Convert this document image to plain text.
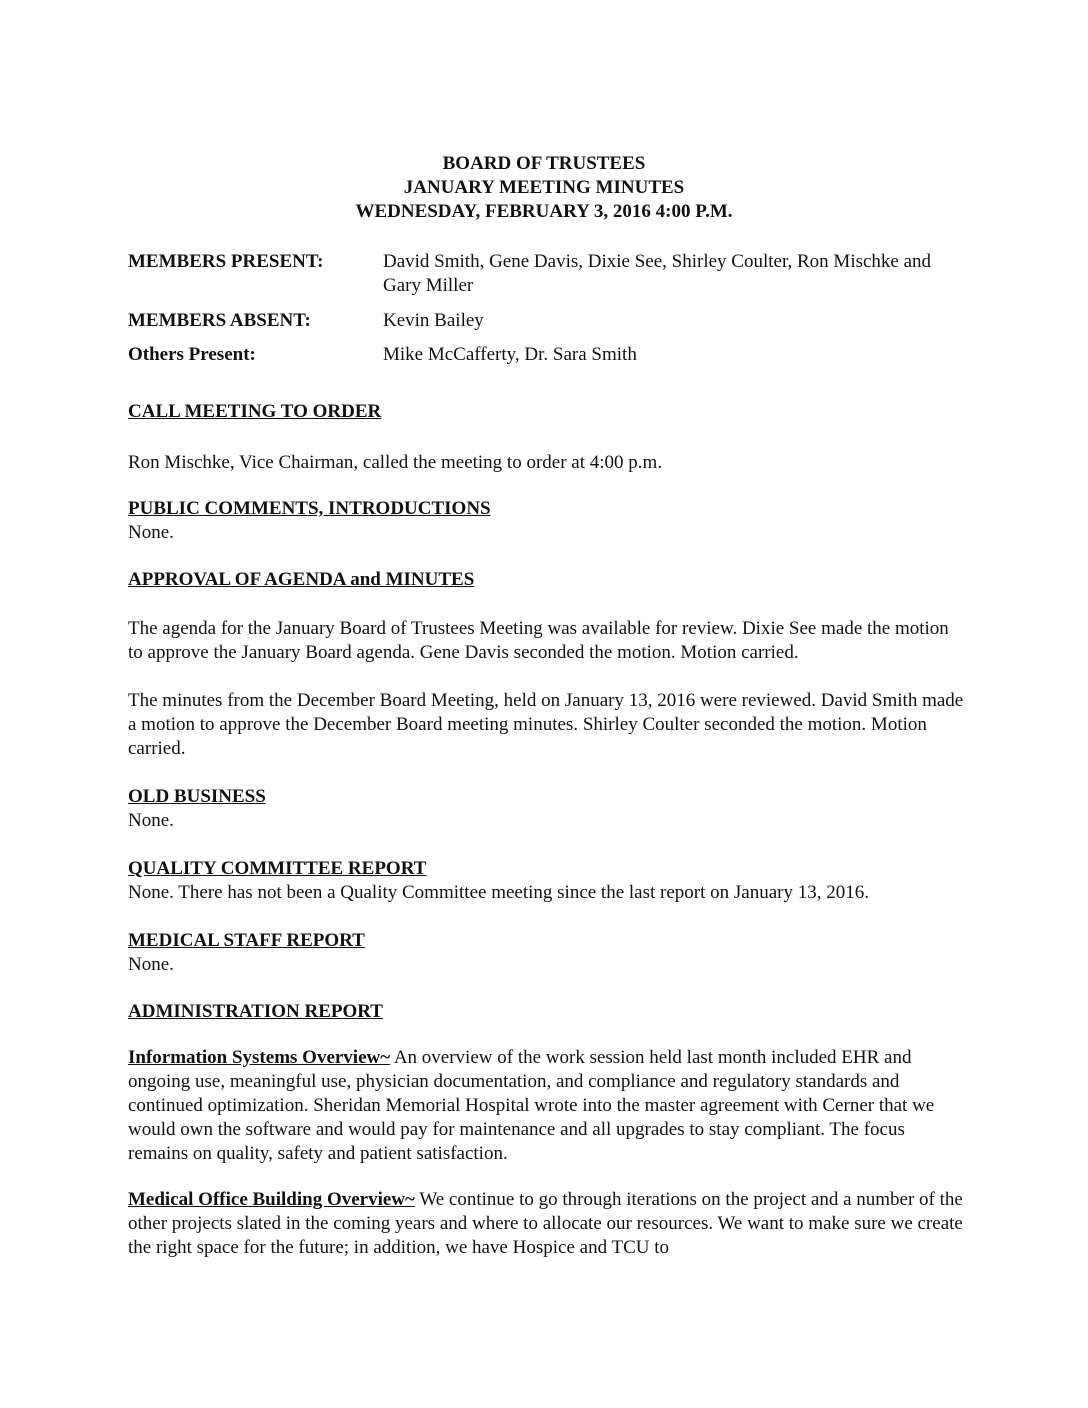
BOARD OF TRUSTEES
JANUARY MEETING MINUTES
WEDNESDAY, FEBRUARY 3, 2016 4:00 P.M.
MEMBERS PRESENT:	David Smith, Gene Davis, Dixie See, Shirley Coulter, Ron Mischke and Gary Miller
MEMBERS ABSENT:	Kevin Bailey
Others Present:	Mike McCafferty, Dr. Sara Smith
CALL MEETING TO ORDER
Ron Mischke, Vice Chairman, called the meeting to order at 4:00 p.m.
PUBLIC COMMENTS, INTRODUCTIONS
None.
APPROVAL OF AGENDA and MINUTES
The agenda for the January Board of Trustees Meeting was available for review. Dixie See made the motion to approve the January Board agenda. Gene Davis seconded the motion. Motion carried.
The minutes from the December Board Meeting, held on January 13, 2016 were reviewed. David Smith made a motion to approve the December Board meeting minutes. Shirley Coulter seconded the motion. Motion carried.
OLD BUSINESS
None.
QUALITY COMMITTEE REPORT
None. There has not been a Quality Committee meeting since the last report on January 13, 2016.
MEDICAL STAFF REPORT
None.
ADMINISTRATION REPORT
Information Systems Overview~ An overview of the work session held last month included EHR and ongoing use, meaningful use, physician documentation, and compliance and regulatory standards and continued optimization. Sheridan Memorial Hospital wrote into the master agreement with Cerner that we would own the software and would pay for maintenance and all upgrades to stay compliant. The focus remains on quality, safety and patient satisfaction.
Medical Office Building Overview~ We continue to go through iterations on the project and a number of the other projects slated in the coming years and where to allocate our resources. We want to make sure we create the right space for the future; in addition, we have Hospice and TCU to
